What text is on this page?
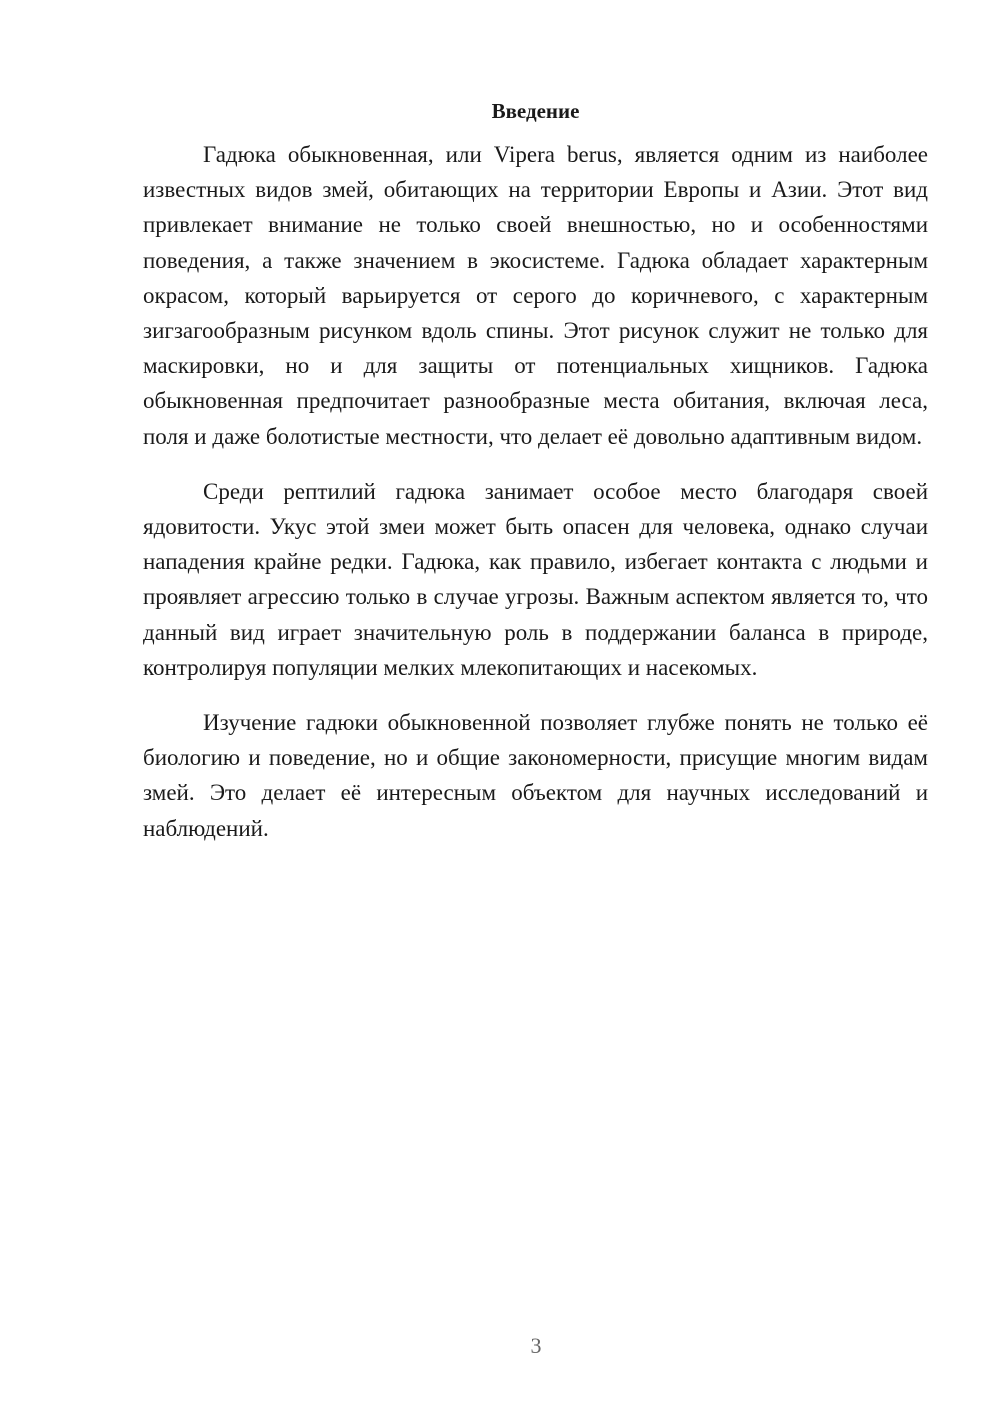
Введение

Гадюка обыкновенная, или Vipera berus, является одним из наиболее известных видов змей, обитающих на территории Европы и Азии. Этот вид привлекает внимание не только своей внешностью, но и особенностями поведения, а также значением в экосистеме. Гадюка обладает характерным окрасом, который варьируется от серого до коричневого, с характерным зигзагообразным рисунком вдоль спины. Этот рисунок служит не только для маскировки, но и для защиты от потенциальных хищников. Гадюка обыкновенная предпочитает разнообразные места обитания, включая леса, поля и даже болотистые местности, что делает её довольно адаптивным видом.

Среди рептилий гадюка занимает особое место благодаря своей ядовитости. Укус этой змеи может быть опасен для человека, однако случаи нападения крайне редки. Гадюка, как правило, избегает контакта с людьми и проявляет агрессию только в случае угрозы. Важным аспектом является то, что данный вид играет значительную роль в поддержании баланса в природе, контролируя популяции мелких млекопитающих и насекомых.

Изучение гадюки обыкновенной позволяет глубже понять не только её биологию и поведение, но и общие закономерности, присущие многим видам змей. Это делает её интересным объектом для научных исследований и наблюдений.

3
